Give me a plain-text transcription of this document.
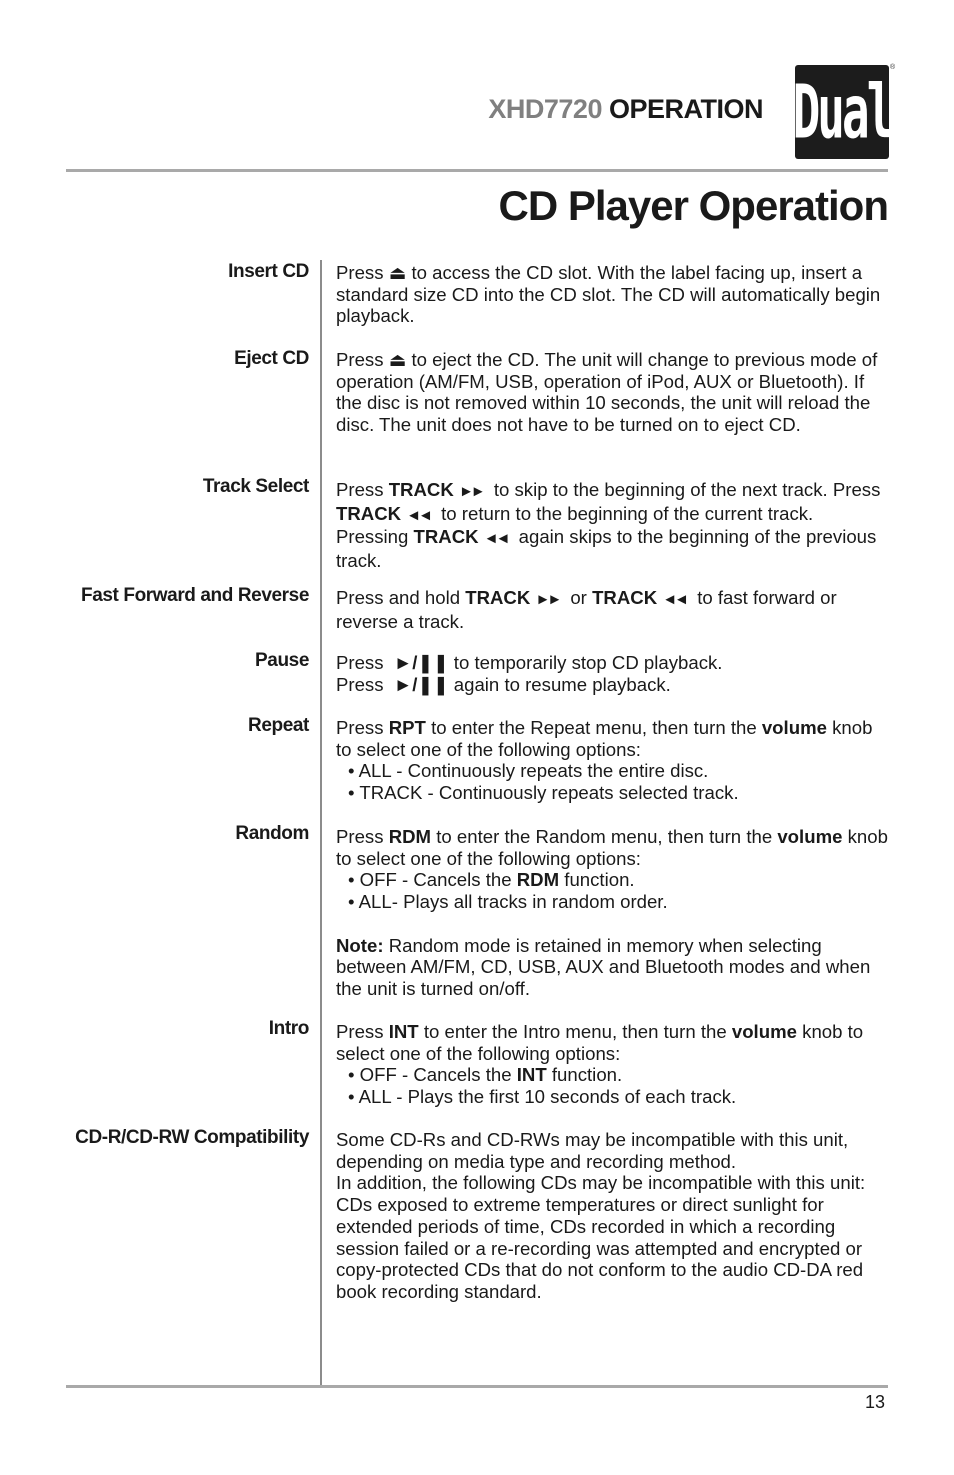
XHD7720 OPERATION Dual
®
CD Player Operation
Insert CD Press ⏏ to access the CD slot. With the label facing up, insert a standard size CD into the CD slot. The CD will automatically begin playback.

Eject CD Press ⏏ to eject the CD. The unit will change to previous mode of operation (AM/FM, USB, operation of iPod, AUX or Bluetooth). If the disc is not removed within 10 seconds, the unit will reload the disc. The unit does not have to be turned on to eject CD.

Track Select Press TRACK ►► to skip to the beginning of the next track. Press TRACK ◄◄ to return to the beginning of the current track. Pressing TRACK ◄◄ again skips to the beginning of the previous track.

Fast Forward and Reverse Press and hold TRACK ►► or TRACK ◄◄ to fast forward or reverse a track.

Pause Press ►/❚❚ to temporarily stop CD playback.

Press ►/❚❚ again to resume playback.

Repeat Press RPT to enter the Repeat menu, then turn the volume knob to select one of the following options:

• ALL - Continuously repeats the entire disc.

• TRACK - Continuously repeats selected track.

Random Press RDM to enter the Random menu, then turn the volume knob to select one of the following options:

• OFF - Cancels the RDM function.

• ALL- Plays all tracks in random order.

Note: Random mode is retained in memory when selecting between AM/FM, CD, USB, AUX and Bluetooth modes and when the unit is turned on/off.

Intro Press INT to enter the Intro menu, then turn the volume knob to select one of the following options:

• OFF - Cancels the INT function.

• ALL - Plays the first 10 seconds of each track.

CD-R/CD-RW Compatibility Some CD-Rs and CD-RWs may be incompatible with this unit, depending on media type and recording method.

In addition, the following CDs may be incompatible with this unit: CDs exposed to extreme temperatures or direct sunlight for extended periods of time, CDs recorded in which a recording session failed or a re-recording was attempted and encrypted or copy-protected CDs that do not conform to the audio CD-DA red book recording standard.

13
